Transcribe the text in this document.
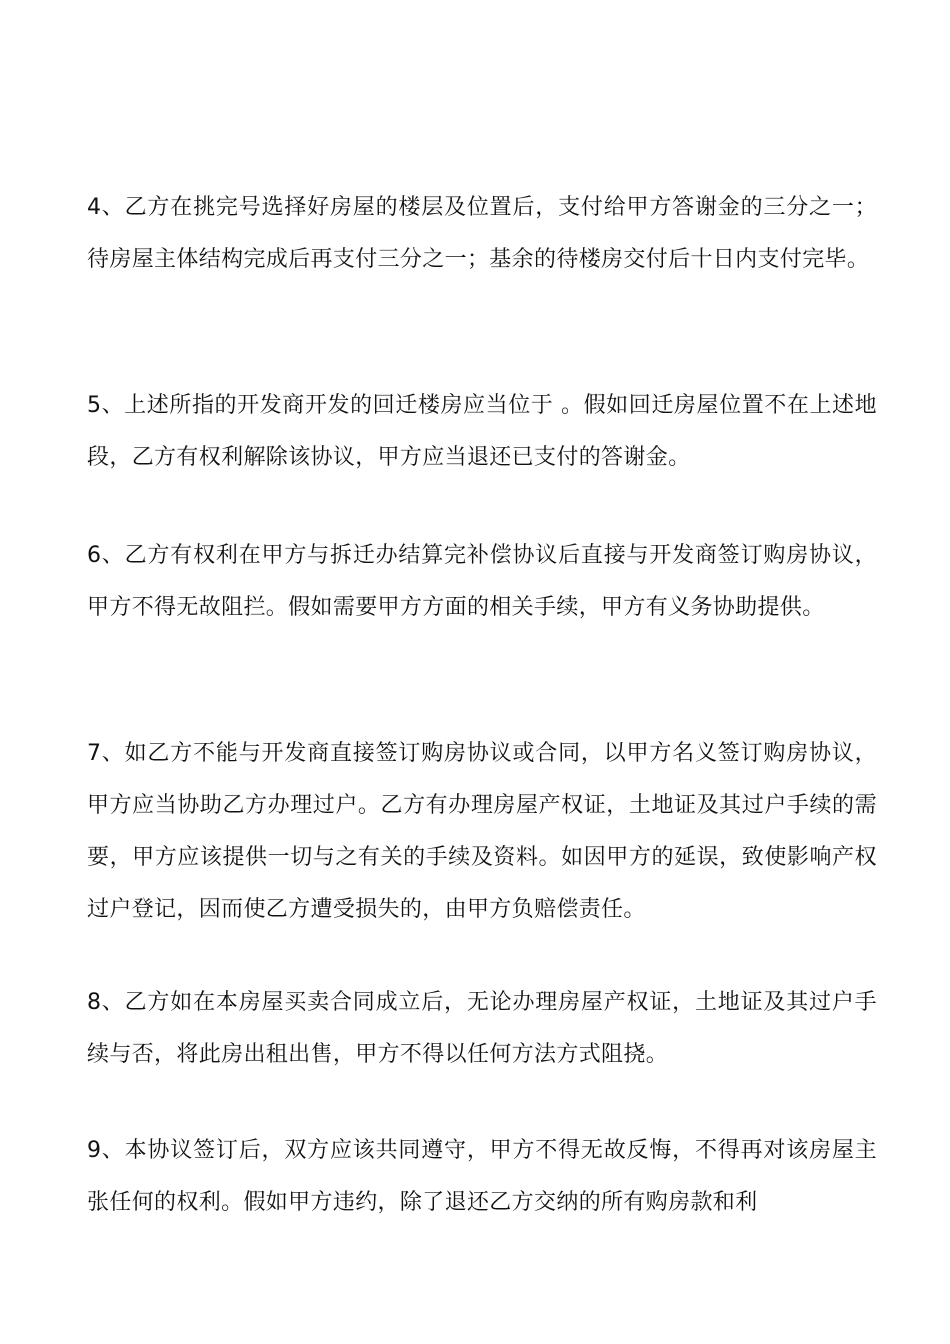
4、乙方在挑完号选择好房屋的楼层及位置后，支付给甲方答谢金的三分之一；待房屋主体结构完成后再支付三分之一；基余的待楼房交付后十日内支付完毕。

5、上述所指的开发商开发的回迁楼房应当位于 。假如回迁房屋位置不在上述地段，乙方有权利解除该协议，甲方应当退还已支付的答谢金。

6、乙方有权利在甲方与拆迁办结算完补偿协议后直接与开发商签订购房协议，甲方不得无故阻拦。假如需要甲方方面的相关手续，甲方有义务协助提供。

7、如乙方不能与开发商直接签订购房协议或合同，以甲方名义签订购房协议，甲方应当协助乙方办理过户。乙方有办理房屋产权证，土地证及其过户手续的需要，甲方应该提供一切与之有关的手续及资料。如因甲方的延误，致使影响产权过户登记，因而使乙方遭受损失的，由甲方负赔偿责任。

8、乙方如在本房屋买卖合同成立后，无论办理房屋产权证，土地证及其过户手续与否，将此房出租出售，甲方不得以任何方法方式阻挠。

9、本协议签订后，双方应该共同遵守，甲方不得无故反悔，不得再对该房屋主张任何的权利。假如甲方违约，除了退还乙方交纳的所有购房款和利
